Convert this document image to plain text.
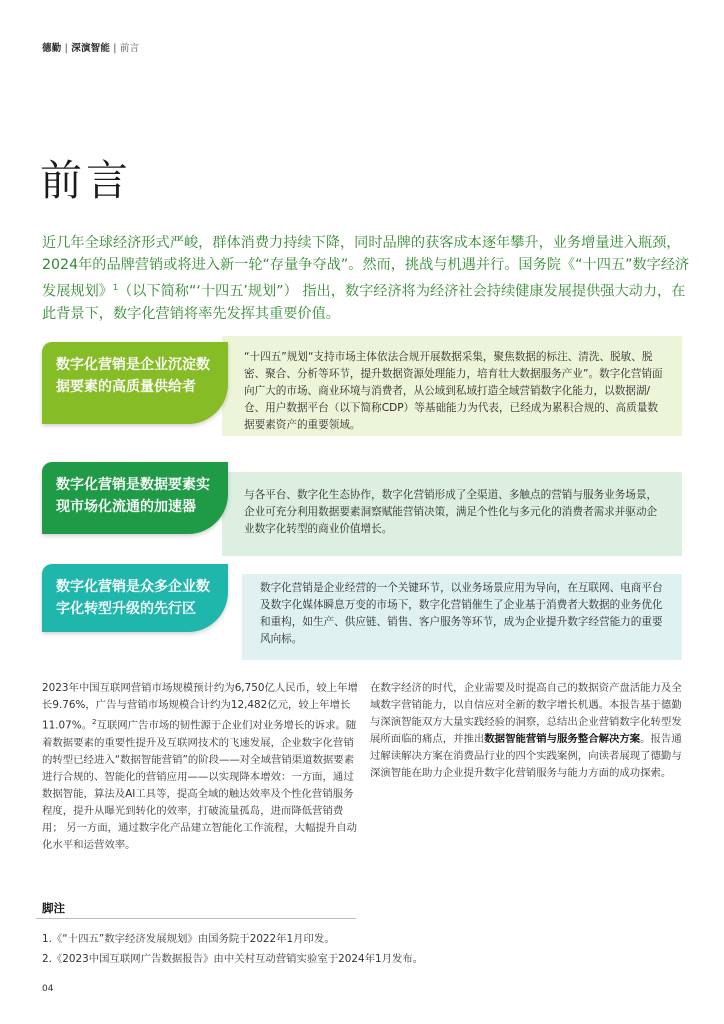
德勤 | 深演智能 | 前言
前言

近几年全球经济形式严峻，群体消费力持续下降，同时品牌的获客成本逐年攀升，业务增量进入瓶颈，2024年的品牌营销或将进入新一轮“存量争夺战”。然而，挑战与机遇并行。国务院《“十四五”数字经济发展规划》$^1$（以下简称“‘十四五’规划”） 指出，数字经济将为经济社会持续健康发展提供强大动力，在此背景下，数字化营销将率先发挥其重要价值。

数字化营销是企业沉淀数据要素的高质量供给者
“十四五”规划“支持市场主体依法合规开展数据采集，聚焦数据的标注、清洗、脱敏、脱密、聚合、分析等环节，提升数据资源处理能力，培育壮大数据服务产业”。数字化营销面向广大的市场、商业环境与消费者，从公域到私域打造全域营销数字化能力，以数据湖/仓、用户数据平台（以下简称CDP）等基础能力为代表，已经成为累积合规的、高质量数据要素资产的重要领域。
数字化营销是数据要素实现市场化流通的加速器
与各平台、数字化生态协作，数字化营销形成了全渠道、多触点的营销与服务业务场景，企业可充分利用数据要素洞察赋能营销决策，满足个性化与多元化的消费者需求并驱动企业数字化转型的商业价值增长。
数字化营销是众多企业数字化转型升级的先行区
数字化营销是企业经营的一个关键环节，以业务场景应用为导向，在互联网、电商平台及数字化媒体瞬息万变的市场下，数字化营销催生了企业基于消费者大数据的业务优化和重构，如生产、供应链、销售、客户服务等环节，成为企业提升数字经营能力的重要风向标。
2023年中国互联网营销市场规模预计约为6,750亿人民币，较上年增长9.76%，广告与营销市场规模合计约为12,482亿元，较上年增长11.07%。$^2$互联网广告市场的韧性源于企业们对业务增长的诉求。随着数据要素的重要性提升及互联网技术的飞速发展，企业数字化营销的转型已经进入“数据智能营销”的阶段——对全域营销渠道数据要素进行合规的、智能化的营销应用——以实现降本增效：一方面，通过数据智能，算法及AI工具等，提高全域的触达效率及个性化营销服务程度，提升从曝光到转化的效率，打破流量孤岛，进而降低营销费用； 另一方面，通过数字化产品建立智能化工作流程，大幅提升自动化水平和运营效率。
在数字经济的时代，企业需要及时提高自己的数据资产盘活能力及全域数字营销能力，以自信应对全新的数字增长机遇。本报告基于德勤与深演智能双方大量实践经验的洞察，总结出企业营销数字化转型发展所面临的痛点，并推出数据智能营销与服务整合解决方案。报告通过解读解决方案在消费品行业的四个实践案例，向读者展现了德勤与深演智能在助力企业提升数字化营销服务与能力方面的成功探索。
脚注
1.《“十四五”数字经济发展规划》由国务院于2022年1月印发。
2.《2023中国互联网广告数据报告》由中关村互动营销实验室于2024年1月发布。
04
